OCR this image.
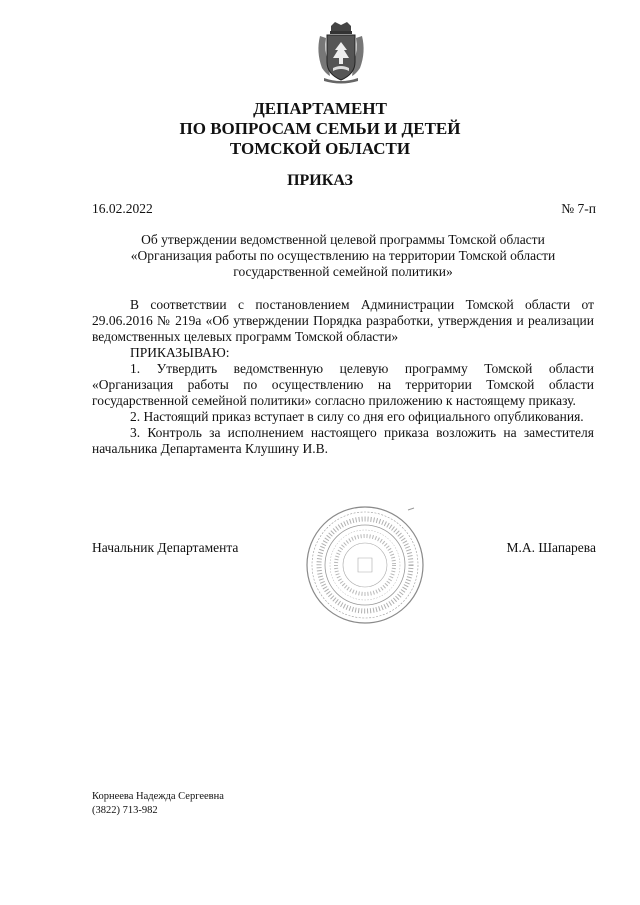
ДЕПАРТАМЕНТ
ПО ВОПРОСАМ СЕМЬИ И ДЕТЕЙ
ТОМСКОЙ ОБЛАСТИ
ПРИКАЗ
16.02.2022	№ 7-п
Об утверждении ведомственной целевой программы Томской области
«Организация работы по осуществлению на территории Томской области
государственной семейной политики»

В соответствии с постановлением Администрации Томской области от 29.06.2016 № 219а «Об утверждении Порядка разработки, утверждения и реализации ведомственных целевых программ Томской области»

ПРИКАЗЫВАЮ:

1. Утвердить ведомственную целевую программу Томской области «Организация работы по осуществлению на территории Томской области государственной семейной политики» согласно приложению к настоящему приказу.

2. Настоящий приказ вступает в силу со дня его официального опубликования.

3. Контроль за исполнением настоящего приказа возложить на заместителя начальника Департамента Клушину И.В.

Начальник Департамента	М.А. Шапарева
Корнеева Надежда Сергеевна
(3822) 713-982
